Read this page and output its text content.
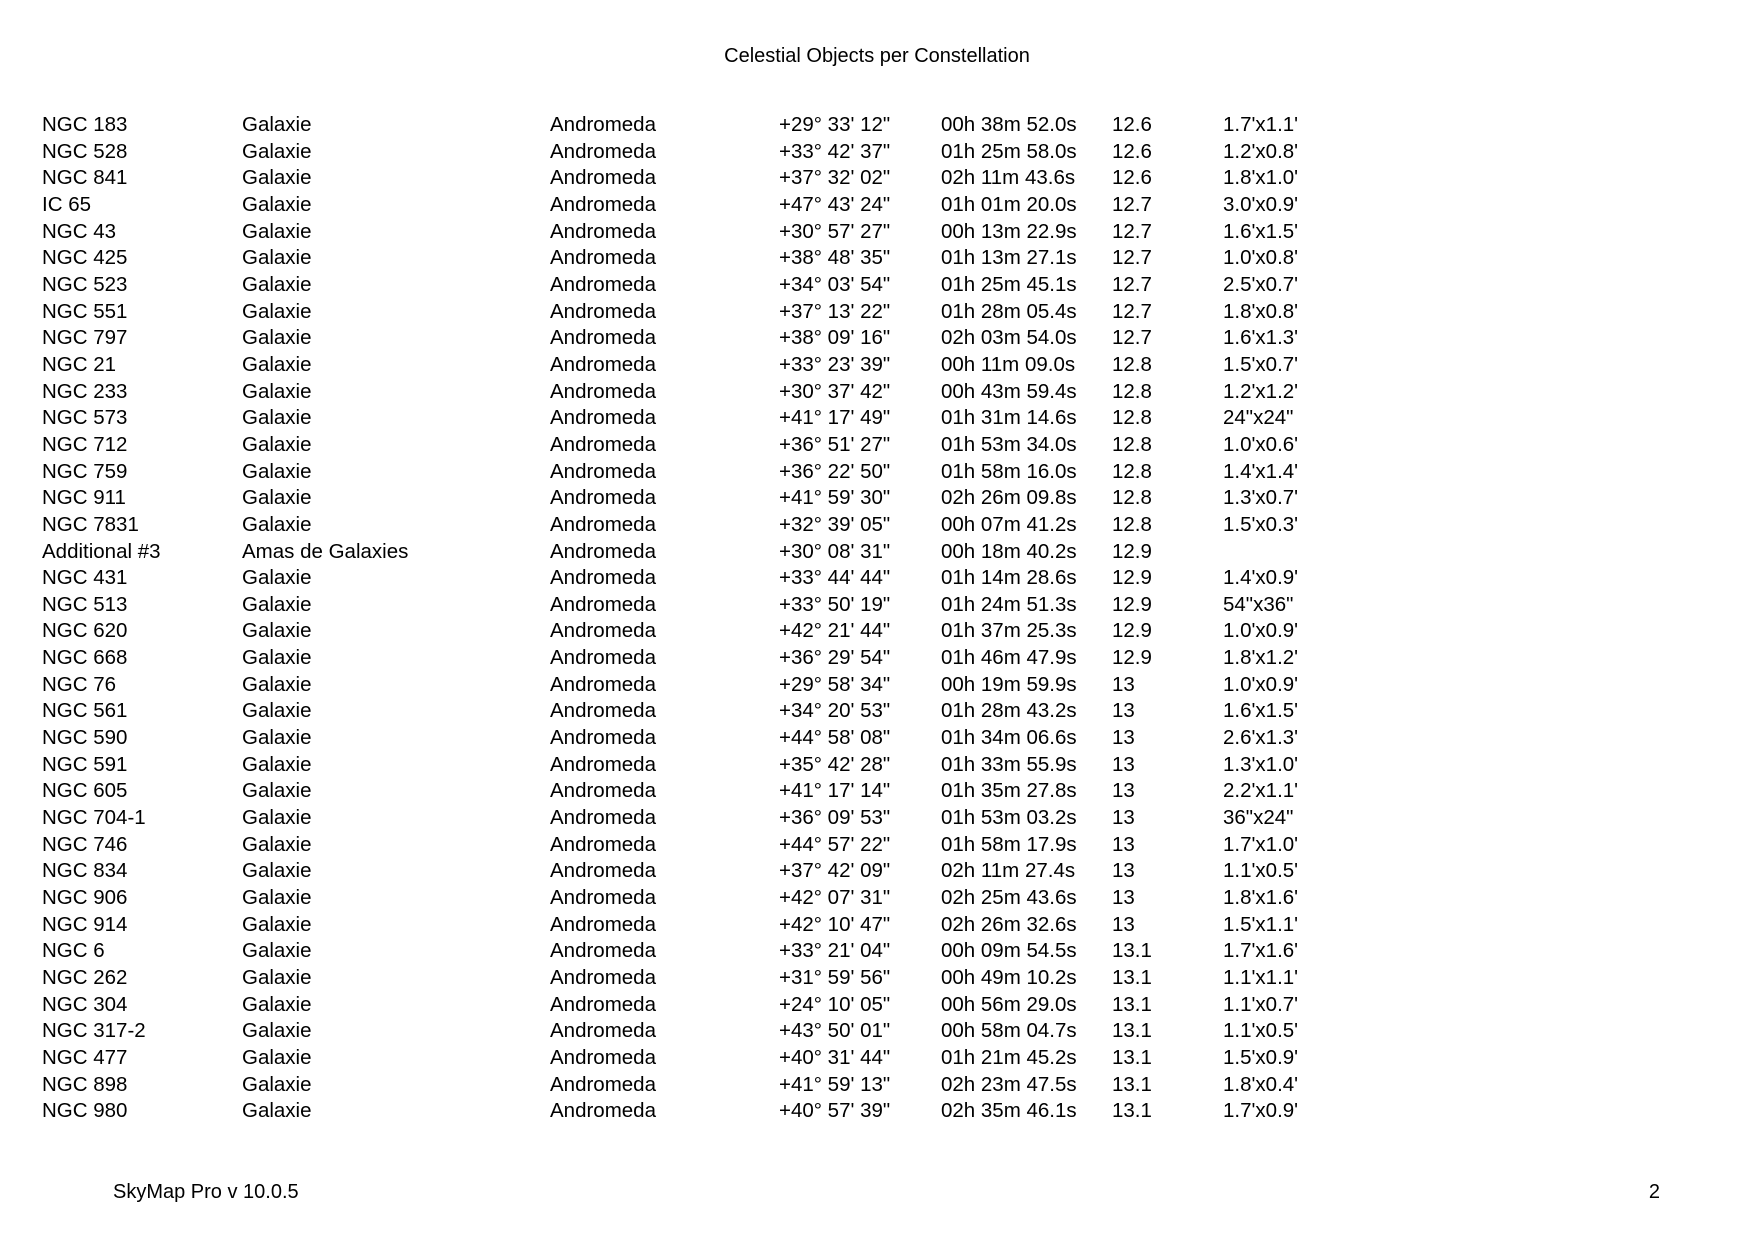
Celestial Objects per Constellation
NGC 183	Galaxie	Andromeda	+29° 33' 12"	00h 38m 52.0s	12.6	1.7'x1.1'
NGC 528	Galaxie	Andromeda	+33° 42' 37"	01h 25m 58.0s	12.6	1.2'x0.8'
NGC 841	Galaxie	Andromeda	+37° 32' 02"	02h 11m 43.6s	12.6	1.8'x1.0'
IC 65	Galaxie	Andromeda	+47° 43' 24"	01h 01m 20.0s	12.7	3.0'x0.9'
NGC 43	Galaxie	Andromeda	+30° 57' 27"	00h 13m 22.9s	12.7	1.6'x1.5'
NGC 425	Galaxie	Andromeda	+38° 48' 35"	01h 13m 27.1s	12.7	1.0'x0.8'
NGC 523	Galaxie	Andromeda	+34° 03' 54"	01h 25m 45.1s	12.7	2.5'x0.7'
NGC 551	Galaxie	Andromeda	+37° 13' 22"	01h 28m 05.4s	12.7	1.8'x0.8'
NGC 797	Galaxie	Andromeda	+38° 09' 16"	02h 03m 54.0s	12.7	1.6'x1.3'
NGC 21	Galaxie	Andromeda	+33° 23' 39"	00h 11m 09.0s	12.8	1.5'x0.7'
NGC 233	Galaxie	Andromeda	+30° 37' 42"	00h 43m 59.4s	12.8	1.2'x1.2'
NGC 573	Galaxie	Andromeda	+41° 17' 49"	01h 31m 14.6s	12.8	24"x24"
NGC 712	Galaxie	Andromeda	+36° 51' 27"	01h 53m 34.0s	12.8	1.0'x0.6'
NGC 759	Galaxie	Andromeda	+36° 22' 50"	01h 58m 16.0s	12.8	1.4'x1.4'
NGC 911	Galaxie	Andromeda	+41° 59' 30"	02h 26m 09.8s	12.8	1.3'x0.7'
NGC 7831	Galaxie	Andromeda	+32° 39' 05"	00h 07m 41.2s	12.8	1.5'x0.3'
Additional #3	Amas de Galaxies	Andromeda	+30° 08' 31"	00h 18m 40.2s	12.9	
NGC 431	Galaxie	Andromeda	+33° 44' 44"	01h 14m 28.6s	12.9	1.4'x0.9'
NGC 513	Galaxie	Andromeda	+33° 50' 19"	01h 24m 51.3s	12.9	54"x36"
NGC 620	Galaxie	Andromeda	+42° 21' 44"	01h 37m 25.3s	12.9	1.0'x0.9'
NGC 668	Galaxie	Andromeda	+36° 29' 54"	01h 46m 47.9s	12.9	1.8'x1.2'
NGC 76	Galaxie	Andromeda	+29° 58' 34"	00h 19m 59.9s	13	1.0'x0.9'
NGC 561	Galaxie	Andromeda	+34° 20' 53"	01h 28m 43.2s	13	1.6'x1.5'
NGC 590	Galaxie	Andromeda	+44° 58' 08"	01h 34m 06.6s	13	2.6'x1.3'
NGC 591	Galaxie	Andromeda	+35° 42' 28"	01h 33m 55.9s	13	1.3'x1.0'
NGC 605	Galaxie	Andromeda	+41° 17' 14"	01h 35m 27.8s	13	2.2'x1.1'
NGC 704-1	Galaxie	Andromeda	+36° 09' 53"	01h 53m 03.2s	13	36"x24"
NGC 746	Galaxie	Andromeda	+44° 57' 22"	01h 58m 17.9s	13	1.7'x1.0'
NGC 834	Galaxie	Andromeda	+37° 42' 09"	02h 11m 27.4s	13	1.1'x0.5'
NGC 906	Galaxie	Andromeda	+42° 07' 31"	02h 25m 43.6s	13	1.8'x1.6'
NGC 914	Galaxie	Andromeda	+42° 10' 47"	02h 26m 32.6s	13	1.5'x1.1'
NGC 6	Galaxie	Andromeda	+33° 21' 04"	00h 09m 54.5s	13.1	1.7'x1.6'
NGC 262	Galaxie	Andromeda	+31° 59' 56"	00h 49m 10.2s	13.1	1.1'x1.1'
NGC 304	Galaxie	Andromeda	+24° 10' 05"	00h 56m 29.0s	13.1	1.1'x0.7'
NGC 317-2	Galaxie	Andromeda	+43° 50' 01"	00h 58m 04.7s	13.1	1.1'x0.5'
NGC 477	Galaxie	Andromeda	+40° 31' 44"	01h 21m 45.2s	13.1	1.5'x0.9'
NGC 898	Galaxie	Andromeda	+41° 59' 13"	02h 23m 47.5s	13.1	1.8'x0.4'
NGC 980	Galaxie	Andromeda	+40° 57' 39"	02h 35m 46.1s	13.1	1.7'x0.9'
SkyMap Pro v 10.0.5	2
